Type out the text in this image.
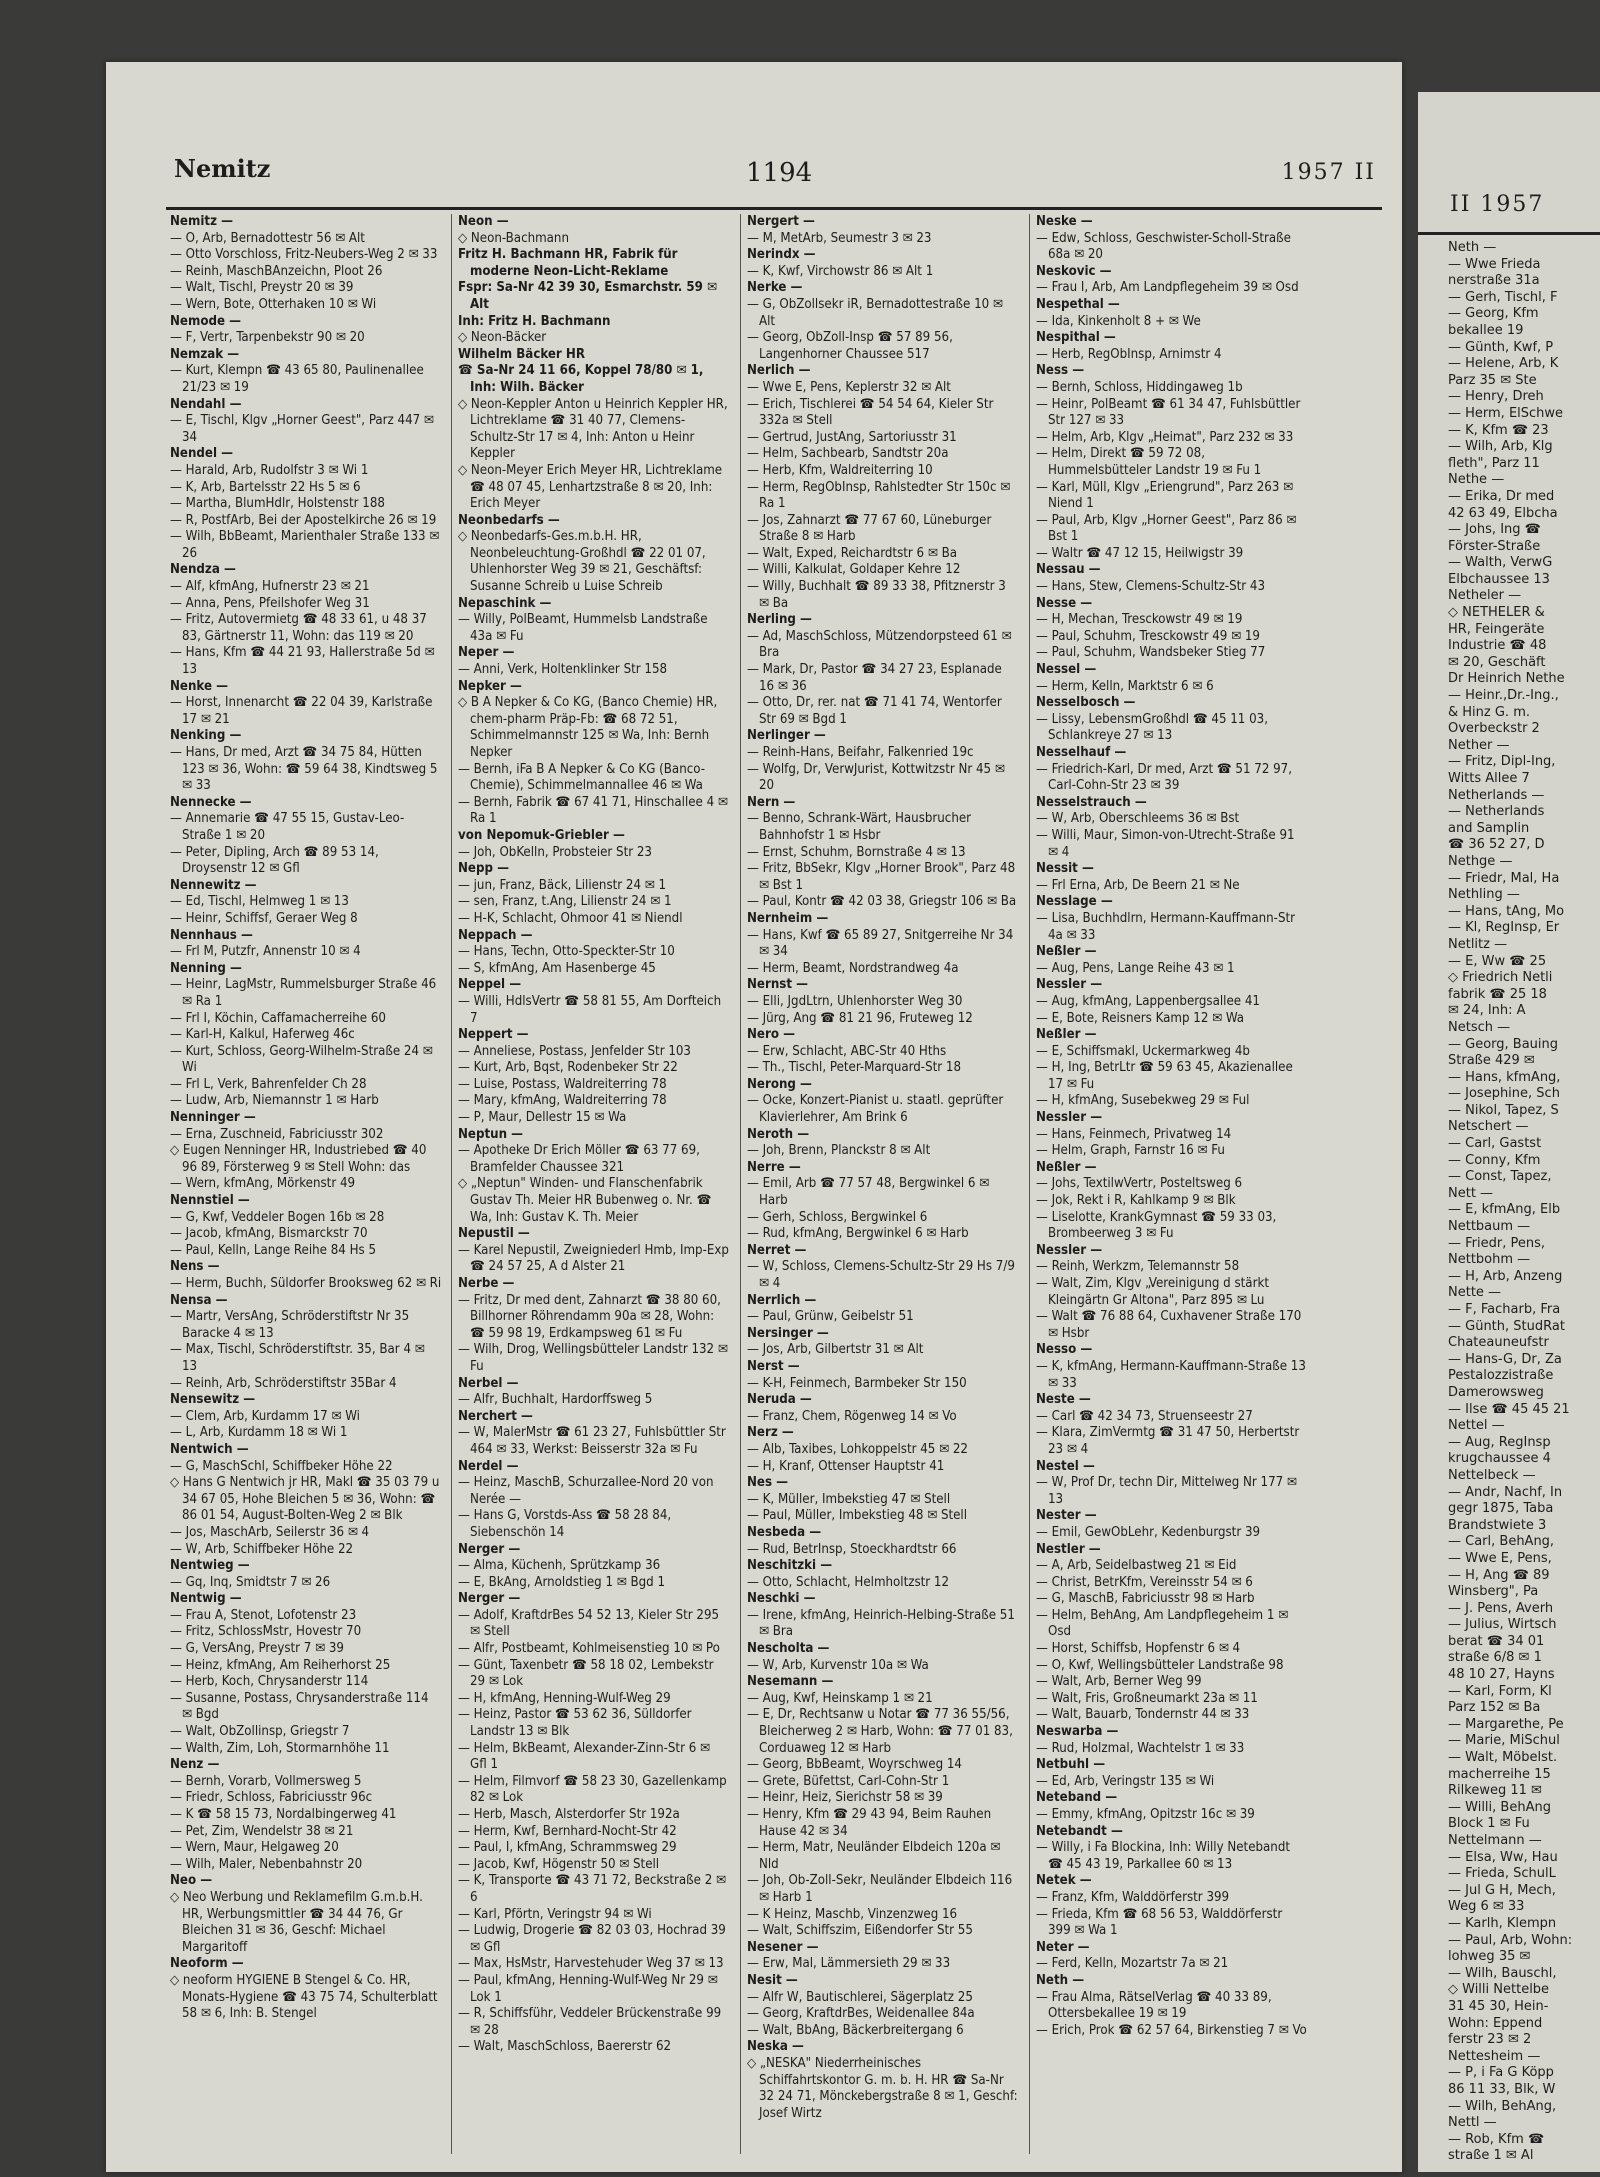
Nemitz	1194	1957 II
Nemitz —
— O, Arb, Bernadottestr 56 ✉ Alt
— Otto Vorschloss, Fritz-Neubers-Weg 2 ✉ 33
— Reinh, MaschBAnzeichn, Ploot 26
— Walt, Tischl, Preystr 20 ✉ 39
— Wern, Bote, Otterhaken 10 ✉ Wi
Nemode —
— F, Vertr, Tarpenbekstr 90 ✉ 20
Nemzak —
— Kurt, Klempn ☎ 43 65 80, Paulinenallee 21/23 ✉ 19
Nendahl —
— E, Tischl, Klgv „Horner Geest", Parz 447 ✉ 34
Nendel —
— Harald, Arb, Rudolfstr 3 ✉ Wi 1
— K, Arb, Bartelsstr 22 Hs 5 ✉ 6
— Martha, BlumHdlr, Holstenstr 188
— R, PostfArb, Bei der Apostelkirche 26 ✉ 19
— Wilh, BbBeamt, Marienthaler Straße 133 ✉ 26
Nendza —
— Alf, kfmAng, Hufnerstr 23 ✉ 21
— Anna, Pens, Pfeilshofer Weg 31
— Fritz, Autovermietg ☎ 48 33 61, u 48 37 83, Gärtnerstr 11, Wohn: das 119 ✉ 20
— Hans, Kfm ☎ 44 21 93, Hallerstraße 5d ✉ 13
Nenke —
— Horst, Innenarcht ☎ 22 04 39, Karlstraße 17 ✉ 21
Nenking —
— Hans, Dr med, Arzt ☎ 34 75 84, Hütten 123 ✉ 36, Wohn: ☎ 59 64 38, Kindtsweg 5 ✉ 33
Nennecke —
— Annemarie ☎ 47 55 15, Gustav-Leo-Straße 1 ✉ 20
— Peter, Dipling, Arch ☎ 89 53 14, Droysenstr 12 ✉ Gfl
Nennewitz —
— Ed, Tischl, Helmweg 1 ✉ 13
— Heinr, Schiffsf, Geraer Weg 8
Nennhaus —
— Frl M, Putzfr, Annenstr 10 ✉ 4
Nenning —
— Heinr, LagMstr, Rummelsburger Straße 46 ✉ Ra 1
— Frl I, Köchin, Caffamacherreihe 60
— Karl-H, Kalkul, Haferweg 46c
— Kurt, Schloss, Georg-Wilhelm-Straße 24 ✉ Wi
— Frl L, Verk, Bahrenfelder Ch 28
— Ludw, Arb, Niemannstr 1 ✉ Harb
Nenninger —
— Erna, Zuschneid, Fabriciusstr 302
◇ Eugen Nenninger HR, Industriebed ☎ 40 96 89, Försterweg 9 ✉ Stell Wohn: das
— Wern, kfmAng, Mörkenstr 49
Nennstiel —
— G, Kwf, Veddeler Bogen 16b ✉ 28
— Jacob, kfmAng, Bismarckstr 70
— Paul, Kelln, Lange Reihe 84 Hs 5
Nens —
— Herm, Buchh, Süldorfer Brooksweg 62 ✉ Ri
Nensa —
— Martr, VersAng, Schröderstiftstr Nr 35 Baracke 4 ✉ 13
— Max, Tischl, Schröderstiftstr. 35, Bar 4 ✉ 13
— Reinh, Arb, Schröderstiftstr 35Bar 4
Nensewitz —
— Clem, Arb, Kurdamm 17 ✉ Wi
— L, Arb, Kurdamm 18 ✉ Wi 1
Nentwich —
— G, MaschSchl, Schiffbeker Höhe 22
◇ Hans G Nentwich jr HR, Makl ☎ 35 03 79 u 34 67 05, Hohe Bleichen 5 ✉ 36, Wohn: ☎ 86 01 54, August-Bolten-Weg 2 ✉ Blk
— Jos, MaschArb, Seilerstr 36 ✉ 4
— W, Arb, Schiffbeker Höhe 22
Nentwieg —
— Gq, Inq, Smidtstr 7 ✉ 26
Nentwig —
— Frau A, Stenot, Lofotenstr 23
— Fritz, SchlossMstr, Hovestr 70
— G, VersAng, Preystr 7 ✉ 39
— Heinz, kfmAng, Am Reiherhorst 25
— Herb, Koch, Chrysanderstr 114
— Susanne, Postass, Chrysanderstraße 114 ✉ Bgd
— Walt, ObZollinsp, Griegstr 7
— Walth, Zim, Loh, Stormarnhöhe 11
Nenz —
— Bernh, Vorarb, Vollmersweg 5
— Friedr, Schloss, Fabriciusstr 96c
— K ☎ 58 15 73, Nordalbingerweg 41
— Pet, Zim, Wendelstr 38 ✉ 21
— Wern, Maur, Helgaweg 20
— Wilh, Maler, Nebenbahnstr 20
Neo —
◇ Neo Werbung und Reklamefilm G.m.b.H. HR, Werbungsmittler ☎ 34 44 76, Gr Bleichen 31 ✉ 36, Geschf: Michael Margaritoff
Neoform —
◇ neoform HYGIENE B Stengel & Co. HR, Monats-Hygiene ☎ 43 75 74, Schulterblatt 58 ✉ 6, Inh: B. Stengel
Neon —
◇ Neon-Bachmann
Fritz H. Bachmann HR, Fabrik für moderne Neon-Licht-Reklame
Fspr: Sa-Nr 42 39 30, Esmarchstr. 59 ✉ Alt
Inh: Fritz H. Bachmann
◇ Neon-Bäcker
Wilhelm Bäcker HR
☎ Sa-Nr 24 11 66, Koppel 78/80 ✉ 1, Inh: Wilh. Bäcker
◇ Neon-Keppler Anton u Heinrich Keppler HR, Lichtreklame ☎ 31 40 77, Clemens-Schultz-Str 17 ✉ 4, Inh: Anton u Heinr Keppler
◇ Neon-Meyer Erich Meyer HR, Lichtreklame ☎ 48 07 45, Lenhartzstraße 8 ✉ 20, Inh: Erich Meyer
Neonbedarfs —
◇ Neonbedarfs-Ges.m.b.H. HR, Neonbeleuchtung-Großhdl ☎ 22 01 07, Uhlenhorster Weg 39 ✉ 21, Geschäftsf: Susanne Schreib u Luise Schreib
Nepaschink —
— Willy, PolBeamt, Hummelsb Landstraße 43a ✉ Fu
Neper —
— Anni, Verk, Holtenklinker Str 158
Nepker —
◇ B A Nepker & Co KG, (Banco Chemie) HR, chem-pharm Präp-Fb: ☎ 68 72 51, Schimmelmannstr 125 ✉ Wa, Inh: Bernh Nepker
— Bernh, iFa B A Nepker & Co KG (Banco-Chemie), Schimmelmannallee 46 ✉ Wa
— Bernh, Fabrik ☎ 67 41 71, Hinschallee 4 ✉ Ra 1
von Nepomuk-Griebler —
— Joh, ObKelln, Probsteier Str 23
Nepp —
— jun, Franz, Bäck, Lilienstr 24 ✉ 1
— sen, Franz, t.Ang, Lilienstr 24 ✉ 1
— H-K, Schlacht, Ohmoor 41 ✉ Niendl
Neppach —
— Hans, Techn, Otto-Speckter-Str 10
— S, kfmAng, Am Hasenberge 45
Neppel —
— Willi, HdlsVertr ☎ 58 81 55, Am Dorfteich 7
Neppert —
— Anneliese, Postass, Jenfelder Str 103
— Kurt, Arb, Bqst, Rodenbeker Str 22
— Luise, Postass, Waldreiterring 78
— Mary, kfmAng, Waldreiterring 78
— P, Maur, Dellestr 15 ✉ Wa
Neptun —
— Apotheke Dr Erich Möller ☎ 63 77 69, Bramfelder Chaussee 321
◇ „Neptun" Winden- und Flanschenfabrik Gustav Th. Meier HR Bubenweg o. Nr. ☎ Wa, Inh: Gustav K. Th. Meier
Nepustil —
— Karel Nepustil, Zweigniederl Hmb, Imp-Exp ☎ 24 57 25, A d Alster 21
Nerbe —
— Fritz, Dr med dent, Zahnarzt ☎ 38 80 60, Billhorner Röhrendamm 90a ✉ 28, Wohn: ☎ 59 98 19, Erdkampsweg 61 ✉ Fu
— Wilh, Drog, Wellingsbütteler Landstr 132 ✉ Fu
Nerbel —
— Alfr, Buchhalt, Hardorffsweg 5
Nerchert —
— W, MalerMstr ☎ 61 23 27, Fuhlsbüttler Str 464 ✉ 33, Werkst: Beisserstr 32a ✉ Fu
Nerdel —
— Heinz, MaschB, Schurzallee-Nord 20 von Nerée —
— Hans G, Vorstds-Ass ☎ 58 28 84, Siebenschön 14
Nerger —
— Alma, Küchenh, Sprützkamp 36
— E, BkAng, Arnoldstieg 1 ✉ Bgd 1
Nerger —
— Adolf, KraftdrBes 54 52 13, Kieler Str 295 ✉ Stell
— Alfr, Postbeamt, Kohlmeisenstieg 10 ✉ Po
— Günt, Taxenbetr ☎ 58 18 02, Lembekstr 29 ✉ Lok
— H, kfmAng, Henning-Wulf-Weg 29
— Heinz, Pastor ☎ 53 62 36, Sülldorfer Landstr 13 ✉ Blk
— Helm, BkBeamt, Alexander-Zinn-Str 6 ✉ Gfl 1
— Helm, Filmvorf ☎ 58 23 30, Gazellenkamp 82 ✉ Lok
— Herb, Masch, Alsterdorfer Str 192a
— Herm, Kwf, Bernhard-Nocht-Str 42
— Paul, I, kfmAng, Schrammsweg 29
— Jacob, Kwf, Högenstr 50 ✉ Stell
— K, Transporte ☎ 43 71 72, Beckstraße 2 ✉ 6
— Karl, Pförtn, Veringstr 94 ✉ Wi
— Ludwig, Drogerie ☎ 82 03 03, Hochrad 39 ✉ Gfl
— Max, HsMstr, Harvestehuder Weg 37 ✉ 13
— Paul, kfmAng, Henning-Wulf-Weg Nr 29 ✉ Lok 1
— R, Schiffsführ, Veddeler Brückenstraße 99 ✉ 28
— Walt, MaschSchloss, Baererstr 62
Nergert —
— M, MetArb, Seumestr 3 ✉ 23
Nerindx —
— K, Kwf, Virchowstr 86 ✉ Alt 1
Nerke —
— G, ObZollsekr iR, Bernadottestraße 10 ✉ Alt
— Georg, ObZoll-Insp ☎ 57 89 56, Langenhorner Chaussee 517
Nerlich —
— Wwe E, Pens, Keplerstr 32 ✉ Alt
— Erich, Tischlerei ☎ 54 54 64, Kieler Str 332a ✉ Stell
— Gertrud, JustAng, Sartoriusstr 31
— Helm, Sachbearb, Sandtstr 20a
— Herb, Kfm, Waldreiterring 10
— Herm, RegObInsp, Rahlstedter Str 150c ✉ Ra 1
— Jos, Zahnarzt ☎ 77 67 60, Lüneburger Straße 8 ✉ Harb
— Walt, Exped, Reichardtstr 6 ✉ Ba
— Willi, Kalkulat, Goldaper Kehre 12
— Willy, Buchhalt ☎ 89 33 38, Pfitznerstr 3 ✉ Ba
Nerling —
— Ad, MaschSchloss, Mützendorpsteed 61 ✉ Bra
— Mark, Dr, Pastor ☎ 34 27 23, Esplanade 16 ✉ 36
— Otto, Dr, rer. nat ☎ 71 41 74, Wentorfer Str 69 ✉ Bgd 1
Nerlinger —
— Reinh-Hans, Beifahr, Falkenried 19c
— Wolfg, Dr, VerwJurist, Kottwitzstr Nr 45 ✉ 20
Nern —
— Benno, Schrank-Wärt, Hausbrucher Bahnhofstr 1 ✉ Hsbr
— Ernst, Schuhm, Bornstraße 4 ✉ 13
— Fritz, BbSekr, Klgv „Horner Brook", Parz 48 ✉ Bst 1
— Paul, Kontr ☎ 42 03 38, Griegstr 106 ✉ Ba
Nernheim —
— Hans, Kwf ☎ 65 89 27, Snitgerreihe Nr 34 ✉ 34
— Herm, Beamt, Nordstrandweg 4a
Nernst —
— Elli, JgdLtrn, Uhlenhorster Weg 30
— Jürg, Ang ☎ 81 21 96, Fruteweg 12
Nero —
— Erw, Schlacht, ABC-Str 40 Hths
— Th., Tischl, Peter-Marquard-Str 18
Nerong —
— Ocke, Konzert-Pianist u. staatl. geprüfter Klavierlehrer, Am Brink 6
Neroth —
— Joh, Brenn, Planckstr 8 ✉ Alt
Nerre —
— Emil, Arb ☎ 77 57 48, Bergwinkel 6 ✉ Harb
— Gerh, Schloss, Bergwinkel 6
— Rud, kfmAng, Bergwinkel 6 ✉ Harb
Nerret —
— W, Schloss, Clemens-Schultz-Str 29 Hs 7/9 ✉ 4
Nerrlich —
— Paul, Grünw, Geibelstr 51
Nersinger —
— Jos, Arb, Gilbertstr 31 ✉ Alt
Nerst —
— K-H, Feinmech, Barmbeker Str 150
Neruda —
— Franz, Chem, Rögenweg 14 ✉ Vo
Nerz —
— Alb, Taxibes, Lohkoppelstr 45 ✉ 22
— H, Kranf, Ottenser Hauptstr 41
Nes —
— K, Müller, Imbekstieg 47 ✉ Stell
— Paul, Müller, Imbekstieg 48 ✉ Stell
Nesbeda —
— Rud, BetrInsp, Stoeckhardtstr 66
Neschitzki —
— Otto, Schlacht, Helmholtzstr 12
Neschki —
— Irene, kfmAng, Heinrich-Helbing-Straße 51 ✉ Bra
Nescholta —
— W, Arb, Kurvenstr 10a ✉ Wa
Nesemann —
— Aug, Kwf, Heinskamp 1 ✉ 21
— E, Dr, Rechtsanw u Notar ☎ 77 36 55/56, Bleicherweg 2 ✉ Harb, Wohn: ☎ 77 01 83, Corduaweg 12 ✉ Harb
— Georg, BbBeamt, Woyrschweg 14
— Grete, Büfettst, Carl-Cohn-Str 1
— Heinr, Heiz, Sierichstr 58 ✉ 39
— Henry, Kfm ☎ 29 43 94, Beim Rauhen Hause 42 ✉ 34
— Herm, Matr, Neuländer Elbdeich 120a ✉ Nld
— Joh, Ob-Zoll-Sekr, Neuländer Elbdeich 116 ✉ Harb 1
— K Heinz, Maschb, Vinzenzweg 16
— Walt, Schiffszim, Eißendorfer Str 55
Nesener —
— Erw, Mal, Lämmersieth 29 ✉ 33
Nesit —
— Alfr W, Bautischlerei, Sägerplatz 25
— Georg, KraftdrBes, Weidenallee 84a
— Walt, BbAng, Bäckerbreitergang 6
Neska —
◇ „NESKA" Niederrheinisches Schiffahrtskontor G. m. b. H. HR ☎ Sa-Nr 32 24 71, Mönckebergstraße 8 ✉ 1, Geschf: Josef Wirtz
Neske —
— Edw, Schloss, Geschwister-Scholl-Straße 68a ✉ 20
Neskovic —
— Frau I, Arb, Am Landpflegeheim 39 ✉ Osd
Nespethal —
— Ida, Kinkenholt 8 + ✉ We
Nespithal —
— Herb, RegObInsp, Arnimstr 4
Ness —
— Bernh, Schloss, Hiddingaweg 1b
— Heinr, PolBeamt ☎ 61 34 47, Fuhlsbüttler Str 127 ✉ 33
— Helm, Arb, Klgv „Heimat", Parz 232 ✉ 33
— Helm, Direkt ☎ 59 72 08, Hummelsbütteler Landstr 19 ✉ Fu 1
— Karl, Müll, Klgv „Eriengrund", Parz 263 ✉ Niend 1
— Paul, Arb, Klgv „Horner Geest", Parz 86 ✉ Bst 1
— Waltr ☎ 47 12 15, Heilwigstr 39
Nessau —
— Hans, Stew, Clemens-Schultz-Str 43
Nesse —
— H, Mechan, Tresckowstr 49 ✉ 19
— Paul, Schuhm, Tresckowstr 49 ✉ 19
— Paul, Schuhm, Wandsbeker Stieg 77
Nessel —
— Herm, Kelln, Marktstr 6 ✉ 6
Nesselbosch —
— Lissy, LebensmGroßhdl ☎ 45 11 03, Schlankreye 27 ✉ 13
Nesselhauf —
— Friedrich-Karl, Dr med, Arzt ☎ 51 72 97, Carl-Cohn-Str 23 ✉ 39
Nesselstrauch —
— W, Arb, Oberschleems 36 ✉ Bst
— Willi, Maur, Simon-von-Utrecht-Straße 91 ✉ 4
Nessit —
— Frl Erna, Arb, De Beern 21 ✉ Ne
Nesslage —
— Lisa, Buchhdlrn, Hermann-Kauffmann-Str 4a ✉ 33
Neßler —
— Aug, Pens, Lange Reihe 43 ✉ 1
Nessler —
— Aug, kfmAng, Lappenbergsallee 41
— E, Bote, Reisners Kamp 12 ✉ Wa
Neßler —
— E, Schiffsmakl, Uckermarkweg 4b
— H, Ing, BetrLtr ☎ 59 63 45, Akazienallee 17 ✉ Fu
— H, kfmAng, Susebekweg 29 ✉ Ful
Nessler —
— Hans, Feinmech, Privatweg 14
— Helm, Graph, Farnstr 16 ✉ Fu
Neßler —
— Johs, TextilwVertr, Posteltsweg 6
— Jok, Rekt i R, Kahlkamp 9 ✉ Blk
— Liselotte, KrankGymnast ☎ 59 33 03, Brombeerweg 3 ✉ Fu
Nessler —
— Reinh, Werkzm, Telemannstr 58
— Walt, Zim, Klgv „Vereinigung d stärkt Kleingärtn Gr Altona", Parz 895 ✉ Lu
— Walt ☎ 76 88 64, Cuxhavener Straße 170 ✉ Hsbr
Nesso —
— K, kfmAng, Hermann-Kauffmann-Straße 13 ✉ 33
Neste —
— Carl ☎ 42 34 73, Struenseestr 27
— Klara, ZimVermtg ☎ 31 47 50, Herbertstr 23 ✉ 4
Nestel —
— W, Prof Dr, techn Dir, Mittelweg Nr 177 ✉ 13
Nester —
— Emil, GewObLehr, Kedenburgstr 39
Nestler —
— A, Arb, Seidelbastweg 21 ✉ Eid
— Christ, BetrKfm, Vereinsstr 54 ✉ 6
— G, MaschB, Fabriciusstr 98 ✉ Harb
— Helm, BehAng, Am Landpflegeheim 1 ✉ Osd
— Horst, Schiffsb, Hopfenstr 6 ✉ 4
— O, Kwf, Wellingsbütteler Landstraße 98
— Walt, Arb, Berner Weg 99
— Walt, Fris, Großneumarkt 23a ✉ 11
— Walt, Bauarb, Tondernstr 44 ✉ 33
Neswarba —
— Rud, Holzmal, Wachtelstr 1 ✉ 33
Netbuhl —
— Ed, Arb, Veringstr 135 ✉ Wi
Neteband —
— Emmy, kfmAng, Opitzstr 16c ✉ 39
Netebandt —
— Willy, i Fa Blockina, Inh: Willy Netebandt ☎ 45 43 19, Parkallee 60 ✉ 13
Netek —
— Franz, Kfm, Walddörferstr 399
— Frieda, Kfm ☎ 68 56 53, Walddörferstr 399 ✉ Wa 1
Neter —
— Ferd, Kelln, Mozartstr 7a ✉ 21
Neth —
— Frau Alma, RätselVerlag ☎ 40 33 89, Ottersbekallee 19 ✉ 19
— Erich, Prok ☎ 62 57 64, Birkenstieg 7 ✉ Vo
II 1957
Neth —
— Wwe Frieda
nerstraße 31a
— Gerh, Tischl, F
— Georg, Kfm
bekallee 19
— Günth, Kwf, P
— Helene, Arb, K
Parz 35 ✉ Ste
— Henry, Dreh
— Herm, ElSchwe
— K, Kfm ☎ 23
— Wilh, Arb, Klg
fleth", Parz 11
Nethe —
— Erika, Dr med
42 63 49, Elbcha
— Johs, Ing ☎
Förster-Straße
— Walth, VerwG
Elbchaussee 13
Netheler —
◇ NETHELER &
HR, Feingeräte
Industrie ☎ 48
✉ 20, Geschäft
Dr Heinrich Nethe
— Heinr.,Dr.-Ing.,
& Hinz G. m.
Overbeckstr 2
Nether —
— Fritz, Dipl-Ing,
Witts Allee 7
Netherlands —
— Netherlands
and Samplin
☎ 36 52 27, D
Nethge —
— Friedr, Mal, Ha
Nethling —
— Hans, tAng, Mo
— Kl, RegInsp, Er
Netlitz —
— E, Ww ☎ 25
◇ Friedrich Netli
fabrik ☎ 25 18
✉ 24, Inh: A
Netsch —
— Georg, Bauing
Straße 429 ✉
— Hans, kfmAng,
— Josephine, Sch
— Nikol, Tapez, S
Netschert —
— Carl, Gastst
— Conny, Kfm
— Const, Tapez,
Nett —
— E, kfmAng, Elb
Nettbaum —
— Friedr, Pens,
Nettbohm —
— H, Arb, Anzeng
Nette —
— F, Facharb, Fra
— Günth, StudRat
Chateauneufstr
— Hans-G, Dr, Za
Pestalozzistraße
Damerowsweg
— Ilse ☎ 45 45 21
Nettel —
— Aug, RegInsp
krugchaussee 4
Nettelbeck —
— Andr, Nachf, In
gegr 1875, Taba
Brandstwiete 3
— Carl, BehAng,
— Wwe E, Pens,
— H, Ang ☎ 89
Winsberg", Pa
— J. Pens, Averh
— Julius, Wirtsch
berat ☎ 34 01
straße 6/8 ✉ 1
48 10 27, Hayns
— Karl, Form, Kl
Parz 152 ✉ Ba
— Margarethe, Pe
— Marie, MiSchul
— Walt, Möbelst.
macherreihe 15
Rilkeweg 11 ✉
— Willi, BehAng
Block 1 ✉ Fu
Nettelmann —
— Elsa, Ww, Hau
— Frieda, SchulL
— Jul G H, Mech,
Weg 6 ✉ 33
— Karlh, Klempn
— Paul, Arb, Wohn:
lohweg 35 ✉
— Wilh, Bauschl,
◇ Willi Nettelbe
31 45 30, Hein-
Wohn: Eppend
ferstr 23 ✉ 2
Nettesheim —
— P, i Fa G Köpp
86 11 33, Blk, W
— Wilh, BehAng,
Nettl —
— Rob, Kfm ☎
straße 1 ✉ Al
